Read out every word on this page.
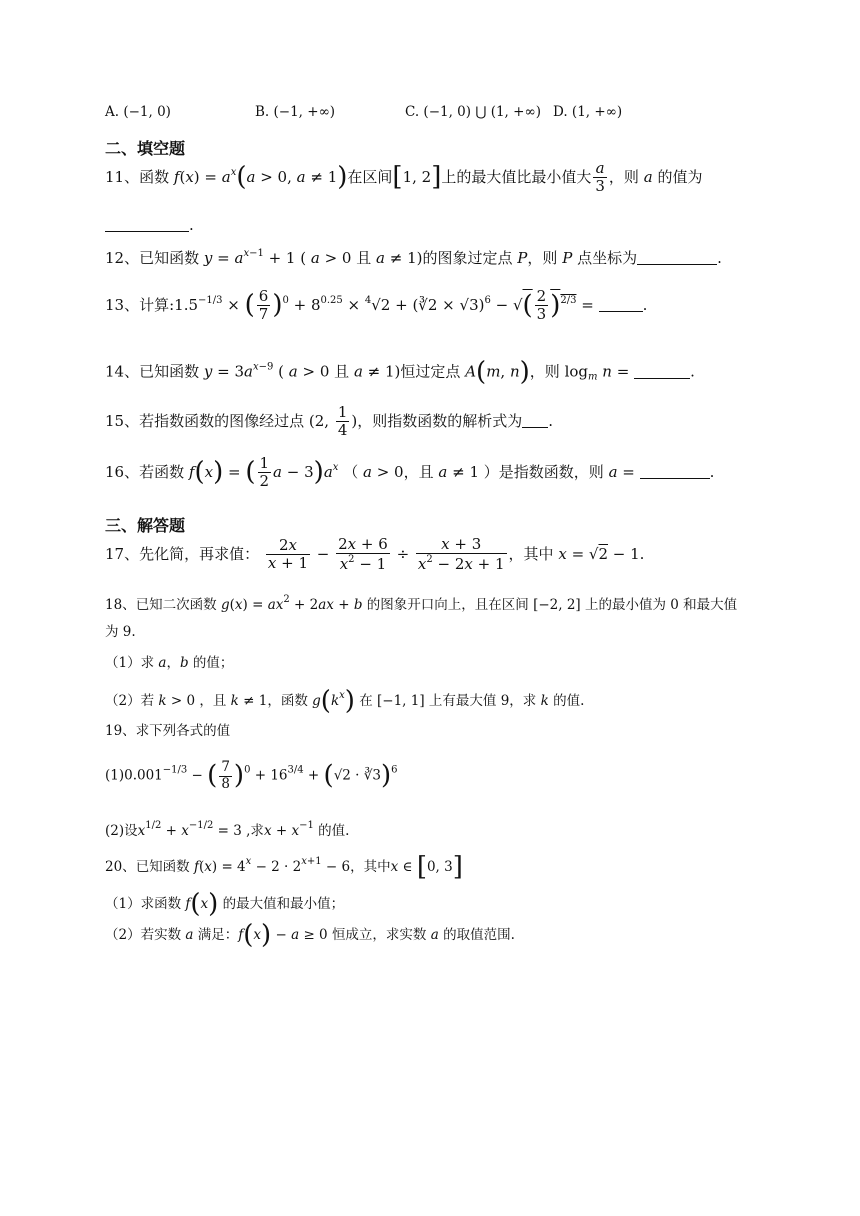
A. (−1, 0)	B. (−1, +∞)	C. (−1, 0) ⋃ (1, +∞) D. (1, +∞)
二、填空题
11、函数 $f(x) = a^x(a > 0$, a ≠ 1)在区间[1, 2]上的最大值比最小值大 $\frac{a}{3}$ ，则 a 的值为
.
12、已知函数 $y = a^{x-1} + 1$ ( a > 0 且 a ≠ 1)的图象过定点 P，则 P 点坐标为	.
13、计算$:1.5^{-1/3}$ × ( $\frac{6}{7} )^0 + 8^{0.25} \times ^4√2$ + (∛2 × √3)$^6$ − √( $\frac{2}{3} )^{2/3}$ =	.
14、已知函数 $y = 3a^{x-9}$ ( a > 0 且 a ≠ 1)恒过定点 A(m, n)，则 $\log_m n$ =	.
15、若指数函数的图像经过点 (2, $\frac{1}{4}$ )，则指数函数的解析式为 .
16、若函数 f(x) = ( $\frac{1}{2}$ $a - 3)a^x$ （ a > 0，且 a ≠ 1 ）是指数函数，则 a =	.
三、解答题
17、先化简，再求值： $\frac{2x}{x + 1} - \frac{2x + 6}{x^2 - 1} \div \frac{x + 3}{x^2 - 2x + 1}$ ，其中 x = √2 − 1.
18、已知二次函数 $g(x) = ax^2 + 2ax + b$ 的图象开口向上，且在区间 [−2, 2] 上的最小值为 0 和最大值
为 9.
（1）求 a，b 的值；
（2）若 k > 0 ，且 k ≠ 1，函数 $g(k^x)$ 在 [−1, 1] 上有最大值 9，求 k 的值.
19、求下列各式的值
$(1)0.001^{-1/3}$ − ( $\frac{7}{8} )^0 + 16^{3/4} + (√2$ · ∛3)$^6$
(2)设$x^{1/2} + x^{-1/2} = 3$ ,求$x + x^{-1}$ 的值.
20、已知函数 $f(x) = 4^x - 2 \cdot 2^{x+1} - 6$，其中x ∈ [0, 3]
（1）求函数 f(x) 的最大值和最小值；
（2）若实数 a 满足：f(x) − a ≥ 0 恒成立，求实数 a 的取值范围.
